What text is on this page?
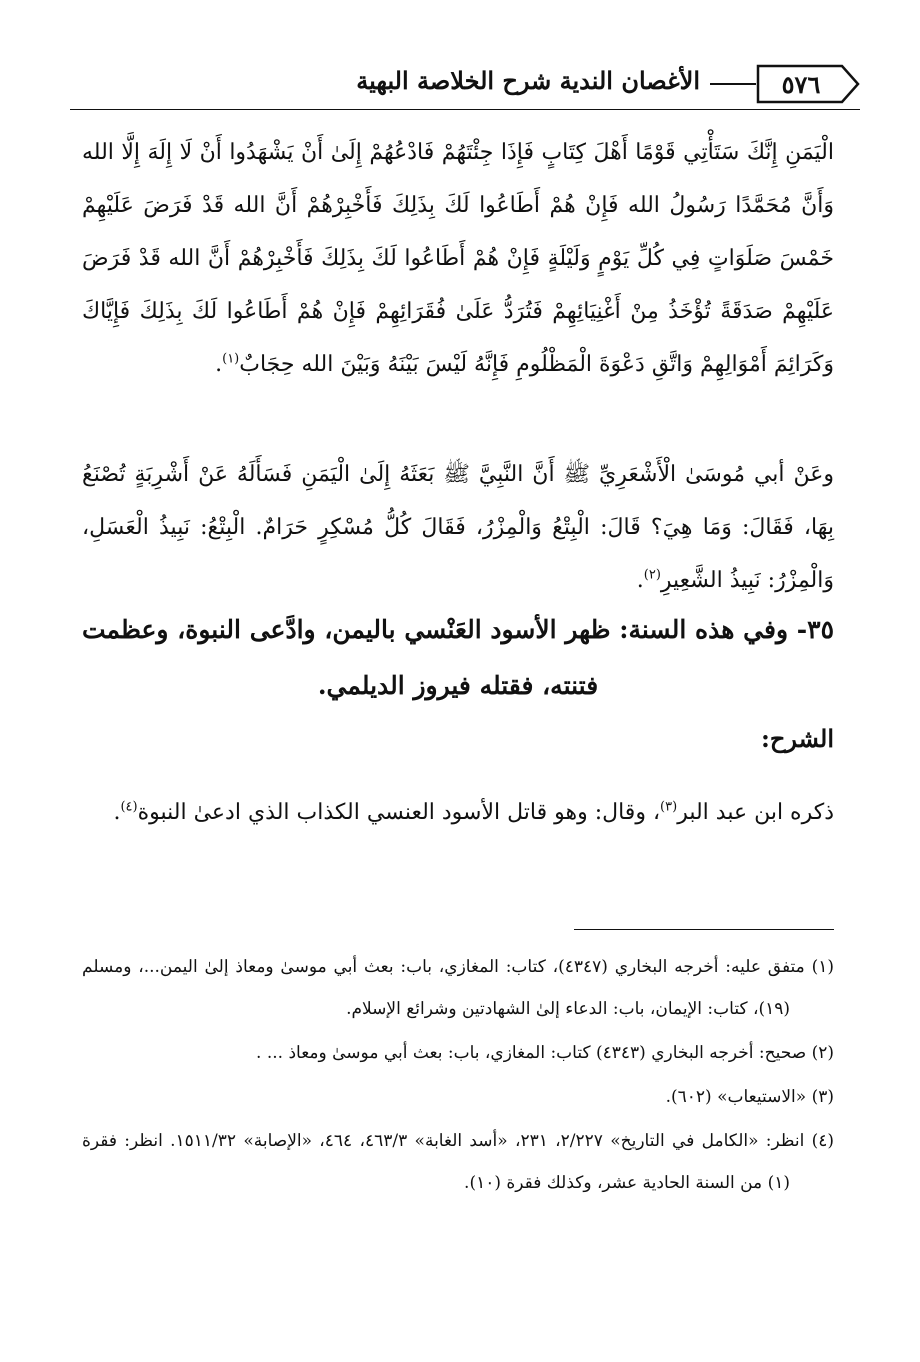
٥٧٦
الأغصان الندية شرح الخلاصة البهية
الْيَمَنِ إِنَّكَ سَتَأْتِي قَوْمًا أَهْلَ كِتَابٍ فَإِذَا جِئْتَهُمْ فَادْعُهُمْ إِلَىٰ أَنْ يَشْهَدُوا أَنْ لَا إِلَهَ إِلَّا الله وَأَنَّ مُحَمَّدًا رَسُولُ الله فَإِنْ هُمْ أَطَاعُوا لَكَ بِذَلِكَ فَأَخْبِرْهُمْ أَنَّ الله قَدْ فَرَضَ عَلَيْهِمْ خَمْسَ صَلَوَاتٍ فِي كُلِّ يَوْمٍ وَلَيْلَةٍ فَإِنْ هُمْ أَطَاعُوا لَكَ بِذَلِكَ فَأَخْبِرْهُمْ أَنَّ الله قَدْ فَرَضَ عَلَيْهِمْ صَدَقَةً تُؤْخَذُ مِنْ أَغْنِيَائِهِمْ فَتُرَدُّ عَلَىٰ فُقَرَائِهِمْ فَإِنْ هُمْ أَطَاعُوا لَكَ بِذَلِكَ فَإِيَّاكَ وَكَرَائِمَ أَمْوَالِهِمْ وَاتَّقِ دَعْوَةَ الْمَظْلُومِ فَإِنَّهُ لَيْسَ بَيْنَهُ وَبَيْنَ الله حِجَابٌ$^{(١)}$.
وعَنْ أبي مُوسَىٰ الْأَشْعَرِيِّ ﷺ أَنَّ النَّبِيَّ ﷺ بَعَثَهُ إِلَىٰ الْيَمَنِ فَسَأَلَهُ عَنْ أَشْرِبَةٍ تُصْنَعُ بِهَا، فَقَالَ: وَمَا هِيَ؟ قَالَ: الْبِتْعُ وَالْمِزْرُ، فَقَالَ كُلُّ مُسْكِرٍ حَرَامٌ. الْبِتْعُ: نَبِيذُ الْعَسَلِ، وَالْمِزْرُ: نَبِيذُ الشَّعِيرِ$^{(٢)}$.
٣٥- وفي هذه السنة: ظهر الأسود العَنْسي باليمن، وادَّعى النبوة، وعظمت فتنته، فقتله فيروز الديلمي.
الشرح:
ذكره ابن عبد البر$^{(٣)}$، وقال: وهو قاتل الأسود العنسي الكذاب الذي ادعىٰ النبوة$^{(٤)}$.

(١) متفق عليه: أخرجه البخاري (٤٣٤٧)، كتاب: المغازي، باب: بعث أبي موسىٰ ومعاذ إلىٰ اليمن...، ومسلم (١٩)، كتاب: الإيمان، باب: الدعاء إلىٰ الشهادتين وشرائع الإسلام.

(٢) صحيح: أخرجه البخاري (٤٣٤٣) كتاب: المغازي، باب: بعث أبي موسىٰ ومعاذ ... .

(٣) «الاستيعاب» (٦٠٢).

(٤) انظر: «الكامل في التاريخ» ٢/٢٢٧، ٢٣١، «أسد الغابة» ٤٦٣/٣، ٤٦٤، «الإصابة» ١٥١١/٣٢. انظر: فقرة (١) من السنة الحادية عشر، وكذلك فقرة (١٠).
